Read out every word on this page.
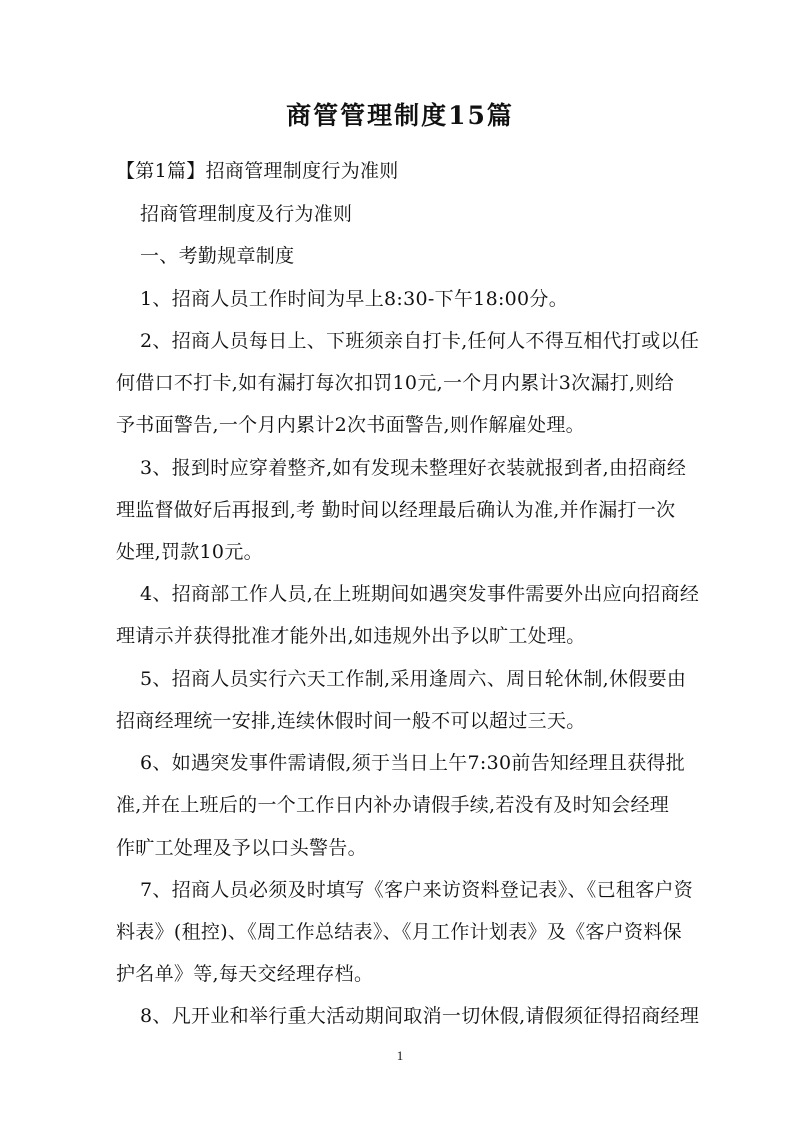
商管管理制度15篇

【第1篇】招商管理制度行为准则

招商管理制度及行为准则

一、考勤规章制度

1、招商人员工作时间为早上8:30-下午18:00分。

2、招商人员每日上、下班须亲自打卡,任何人不得互相代打或以任

何借口不打卡,如有漏打每次扣罚10元,一个月内累计3次漏打,则给

予书面警告,一个月内累计2次书面警告,则作解雇处理。

3、报到时应穿着整齐,如有发现未整理好衣装就报到者,由招商经

理监督做好后再报到,考 勤时间以经理最后确认为准,并作漏打一次

处理,罚款10元。

4、招商部工作人员,在上班期间如遇突发事件需要外出应向招商经

理请示并获得批准才能外出,如违规外出予以旷工处理。

5、招商人员实行六天工作制,采用逢周六、周日轮休制,休假要由

招商经理统一安排,连续休假时间一般不可以超过三天。

6、如遇突发事件需请假,须于当日上午7:30前告知经理且获得批

准,并在上班后的一个工作日内补办请假手续,若没有及时知会经理

作旷工处理及予以口头警告。

7、招商人员必须及时填写《客户来访资料登记表》、《已租客户资

料表》(租控)、《周工作总结表》、《月工作计划表》及《客户资料保

护名单》等,每天交经理存档。

8、凡开业和举行重大活动期间取消一切休假,请假须征得招商经理

1
